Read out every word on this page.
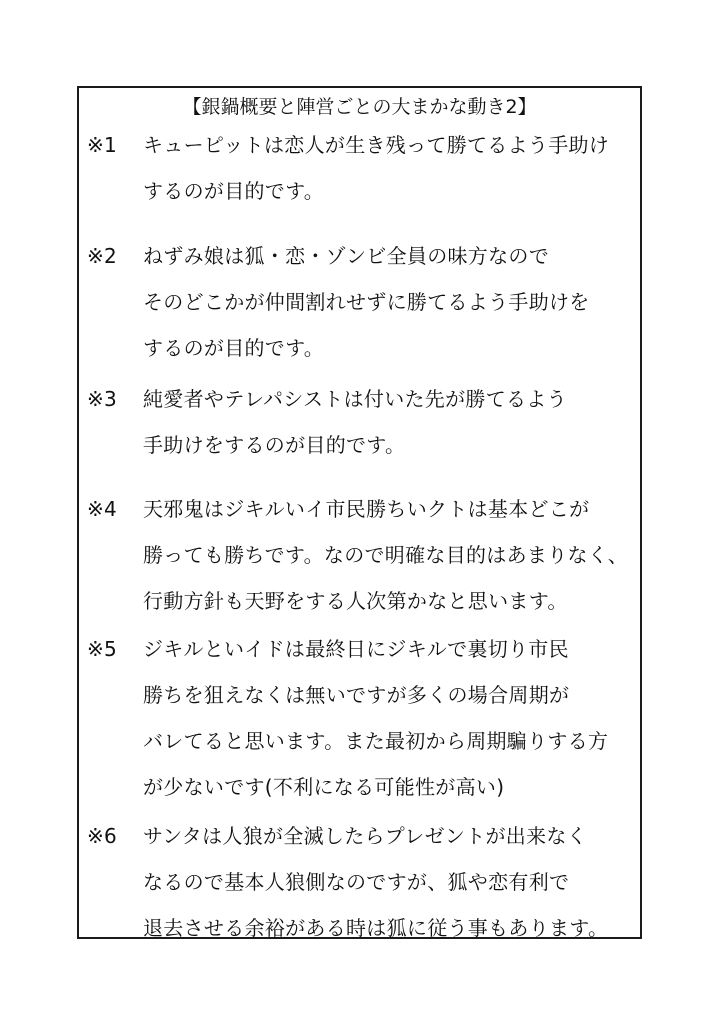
【銀鍋概要と陣営ごとの大まかな動き2】
※1 キューピットは恋人が生き残って勝てるよう手助け
するのが目的です。
※2 ねずみ娘は狐・恋・ゾンビ全員の味方なので
そのどこかが仲間割れせずに勝てるよう手助けを
するのが目的です。
※3 純愛者やテレパシストは付いた先が勝てるよう
手助けをするのが目的です。
※4 天邪鬼はジキルいイ市民勝ちいクトは基本どこが
勝っても勝ちです。なので明確な目的はあまりなく、
行動方針も天野をする人次第かなと思います。
※5 ジキルといイドは最終日にジキルで裏切り市民
勝ちを狙えなくは無いですが多くの場合周期が
バレてると思います。また最初から周期騙りする方
が少ないです(不利になる可能性が高い)
※6 サンタは人狼が全滅したらプレゼントが出来なく
なるので基本人狼側なのですが、狐や恋有利で
退去させる余裕がある時は狐に従う事もあります。
